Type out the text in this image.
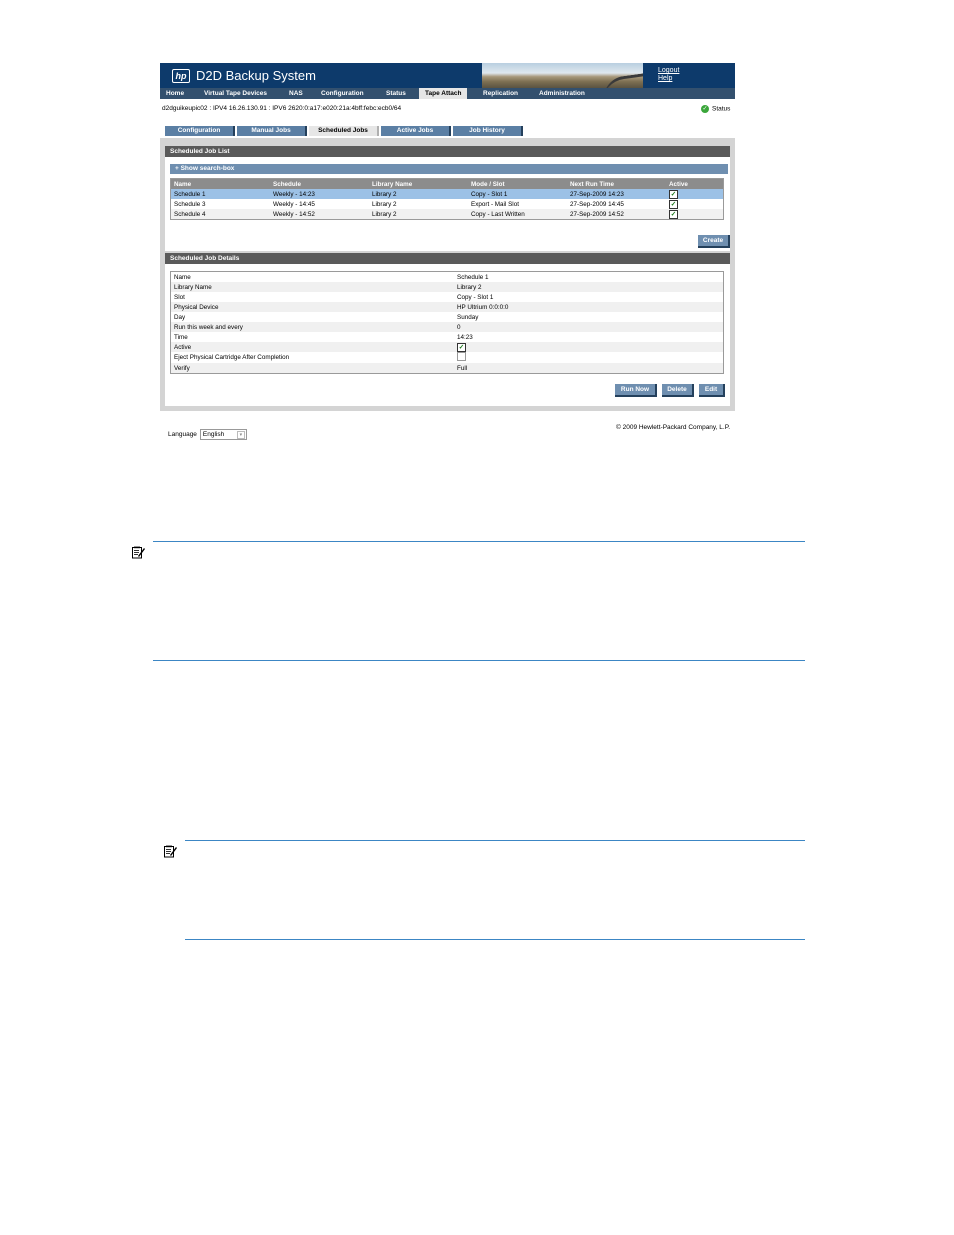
hp D2D Backup System	Logout
Help
Home	Virtual Tape Devices	NAS	Configuration	Status	Tape Attach	Replication	Administration
d2dguikeupic02 : IPV4 16.26.130.91 : IPV6 2620:0:a17:e020:21a:4bff:febc:ecb0/64	✓ Status
Configuration	Manual Jobs	Scheduled Jobs	Active Jobs	Job History
Scheduled Job List
+ Show search-box
Name	Schedule	Library Name	Mode / Slot	Next Run Time	Active
Schedule 1	Weekly - 14:23	Library 2	Copy - Slot 1	27-Sep-2009 14:23	✓
Schedule 3	Weekly - 14:45	Library 2	Export - Mail Slot	27-Sep-2009 14:45	✓
Schedule 4	Weekly - 14:52	Library 2	Copy - Last Written	27-Sep-2009 14:52	✓
Create
Scheduled Job Details
Name	Schedule 1
Library Name	Library 2
Slot	Copy - Slot 1
Physical Device	HP Ultrium 0:0:0:0
Day	Sunday
Run this week and every	0
Time	14:23
Active	✓
Eject Physical Cartridge After Completion	
Verify	Full
Run Now	Delete	Edit
Language English	▾
© 2009 Hewlett-Packard Company, L.P.
